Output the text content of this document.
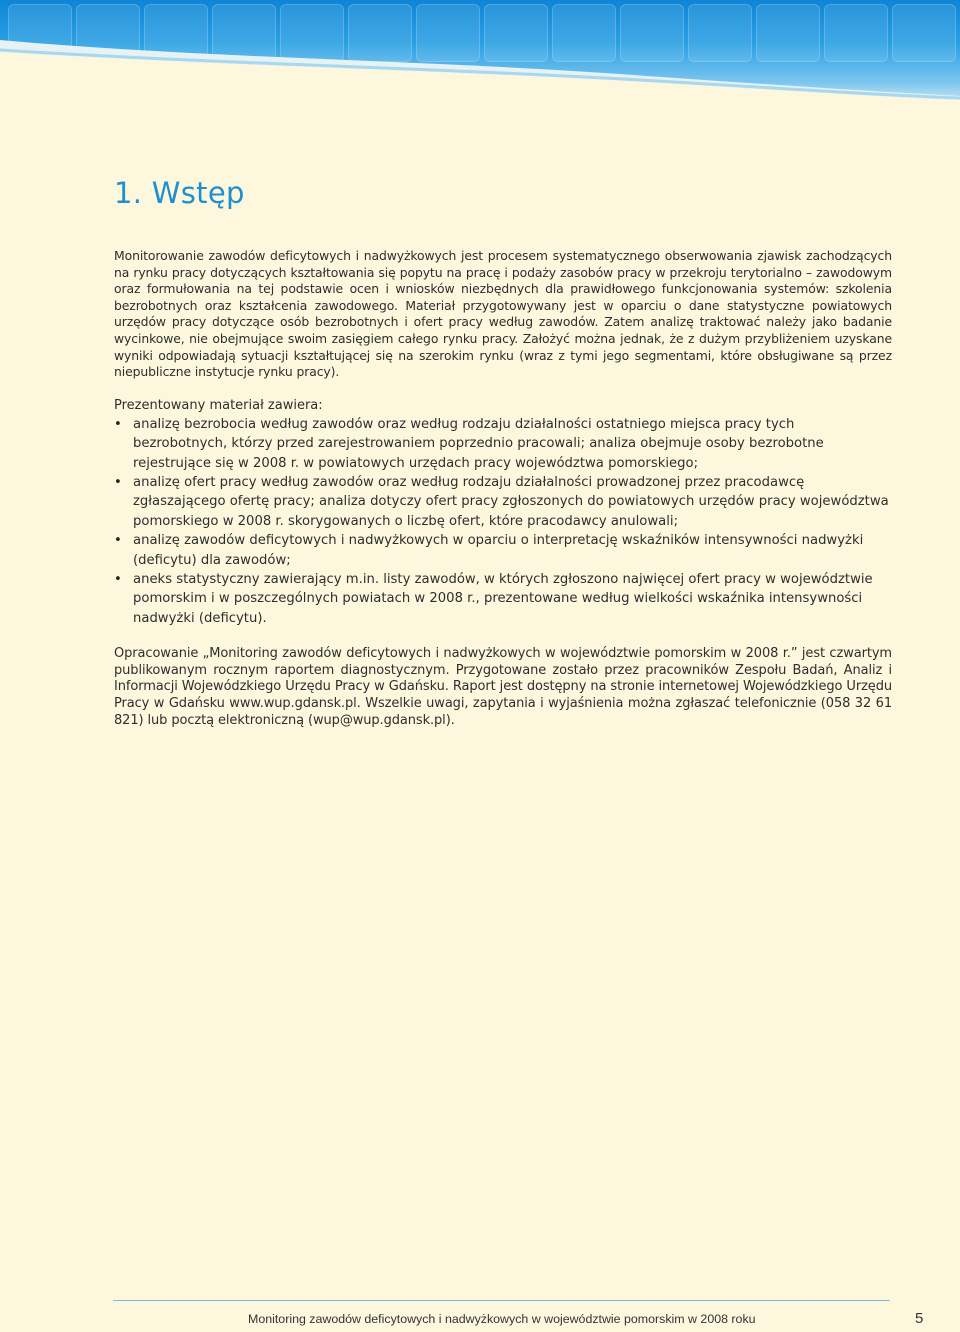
1. Wstęp

Monitorowanie zawodów deficytowych i nadwyżkowych jest procesem systematycznego obserwowania zjawisk zachodzących na rynku pracy dotyczących kształtowania się popytu na pracę i podaży zasobów pracy w przekroju terytorialno – zawodowym oraz formułowania na tej podstawie ocen i wniosków niezbędnych dla prawidłowego funkcjonowania systemów: szkolenia bezrobotnych oraz kształcenia zawodowego. Materiał przygotowywany jest w oparciu o dane statystyczne powiatowych urzędów pracy dotyczące osób bezrobotnych i ofert pracy według zawodów. Zatem analizę traktować należy jako badanie wycinkowe, nie obejmujące swoim zasięgiem całego rynku pracy. Założyć można jednak, że z dużym przybliżeniem uzyskane wyniki odpowiadają sytuacji kształtującej się na szerokim rynku (wraz z tymi jego segmentami, które obsługiwane są przez niepubliczne instytucje rynku pracy).

Prezentowany materiał zawiera:

• analizę bezrobocia według zawodów oraz według rodzaju działalności ostatniego miejsca pracy tych bezrobotnych, którzy przed zarejestrowaniem poprzednio pracowali; analiza obejmuje osoby bezrobotne rejestrujące się w 2008 r. w powiatowych urzędach pracy województwa pomorskiego;
• analizę ofert pracy według zawodów oraz według rodzaju działalności prowadzonej przez pracodawcę zgłaszającego ofertę pracy; analiza dotyczy ofert pracy zgłoszonych do powiatowych urzędów pracy województwa pomorskiego w 2008 r. skorygowanych o liczbę ofert, które pracodawcy anulowali;
• analizę zawodów deficytowych i nadwyżkowych w oparciu o interpretację wskaźników intensywności nadwyżki (deficytu) dla zawodów;
• aneks statystyczny zawierający m.in. listy zawodów, w których zgłoszono najwięcej ofert pracy w województwie pomorskim i w poszczególnych powiatach w 2008 r., prezentowane według wielkości wskaźnika intensywności nadwyżki (deficytu).

Opracowanie „Monitoring zawodów deficytowych i nadwyżkowych w województwie pomorskim w 2008 r.” jest czwartym publikowanym rocznym raportem diagnostycznym. Przygotowane zostało przez pracowników Zespołu Badań, Analiz i Informacji Wojewódzkiego Urzędu Pracy w Gdańsku. Raport jest dostępny na stronie internetowej Wojewódzkiego Urzędu Pracy w Gdańsku www.wup.gdansk.pl. Wszelkie uwagi, zapytania i wyjaśnienia można zgłaszać telefonicznie (058 32 61 821) lub pocztą elektroniczną (wup@wup.gdansk.pl).

Monitoring zawodów deficytowych i nadwyżkowych w województwie pomorskim w 2008 roku	5
